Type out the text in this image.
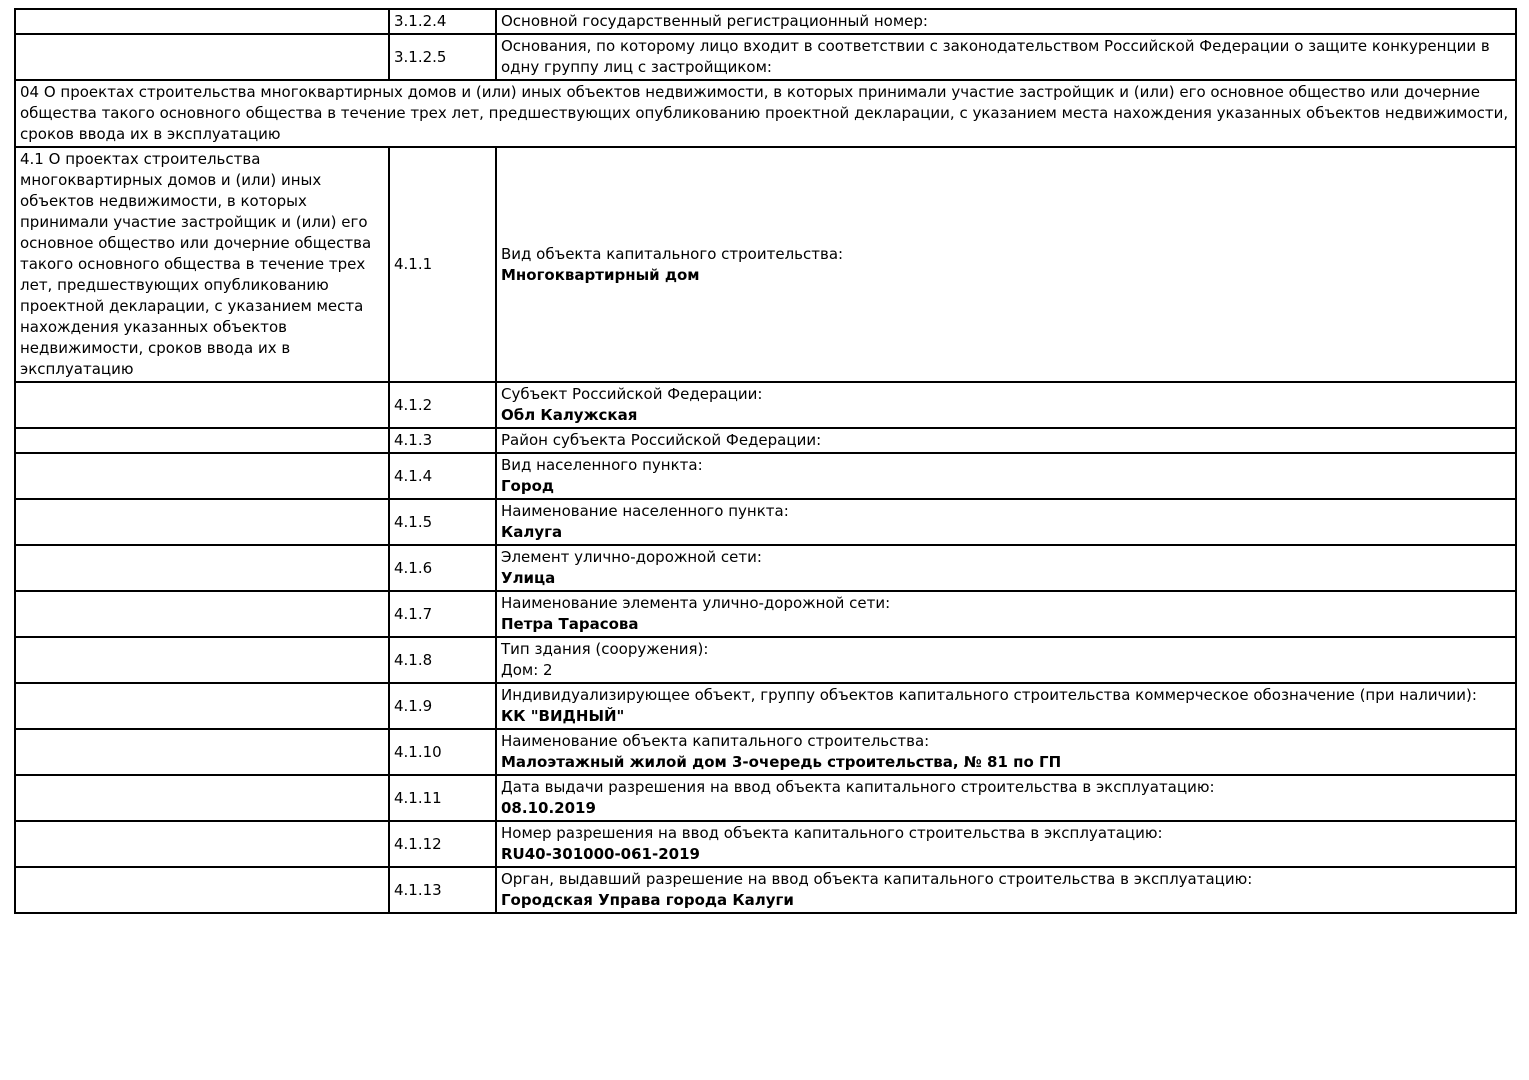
	3.1.2.4	Основной государственный регистрационный номер:

	3.1.2.5	Основания, по которому лицо входит в соответствии с законодательством Российской Федерации о защите конкуренции в одну группу лиц с застройщиком:

04 О проектах строительства многоквартирных домов и (или) иных объектов недвижимости, в которых принимали участие застройщик и (или) его основное общество или дочерние общества такого основного общества в течение трех лет, предшествующих опубликованию проектной декларации, с указанием места нахождения указанных объектов недвижимости, сроков ввода их в эксплуатацию		
4.1 О проектах строительства многоквартирных домов и (или) иных объектов недвижимости, в которых принимали участие застройщик и (или) его основное общество или дочерние общества такого основного общества в течение трех лет, предшествующих опубликованию проектной декларации, с указанием места нахождения указанных объектов недвижимости, сроков ввода их в эксплуатацию	4.1.1	Вид объекта капитального строительства:
Многоквартирный дом

	4.1.2	Субъект Российской Федерации:
Обл Калужская

	4.1.3	Район субъекта Российской Федерации:

	4.1.4	Вид населенного пункта:
Город

	4.1.5	Наименование населенного пункта:
Калуга

	4.1.6	Элемент улично-дорожной сети:
Улица

	4.1.7	Наименование элемента улично-дорожной сети:
Петра Тарасова

	4.1.8	Тип здания (сооружения):
Дом: 2

	4.1.9	Индивидуализирующее объект, группу объектов капитального строительства коммерческое обозначение (при наличии):
КК "ВИДНЫЙ"

	4.1.10	Наименование объекта капитального строительства:
Малоэтажный жилой дом 3-очередь строительства, № 81 по ГП

	4.1.11	Дата выдачи разрешения на ввод объекта капитального строительства в эксплуатацию:
08.10.2019

	4.1.12	Номер разрешения на ввод объекта капитального строительства в эксплуатацию:
RU40-301000-061-2019

	4.1.13	Орган, выдавший разрешение на ввод объекта капитального строительства в эксплуатацию:
Городская Управа города Калуги
